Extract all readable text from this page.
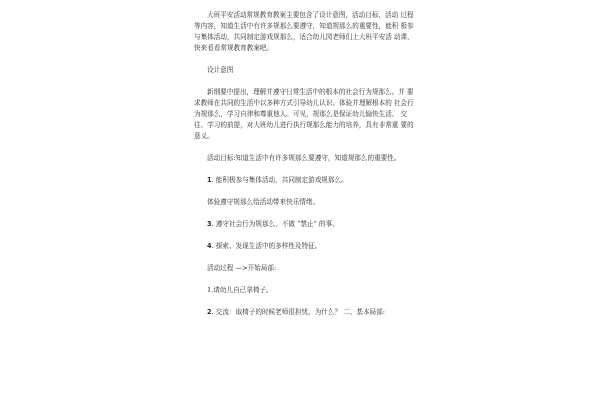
大班平安活动常规教育教案主要包含了设计意图，活动目标，活动 过程等内容，知道生活中有许多规那么要遵守，知道规那么的重要性，能积 极参与集体活动，共同制定游戏规那么，适合幼儿园老师们上大班平安活 动课，快来看看常规教育教案吧。

设计意图

新纲要中提出，理解并遵守日常生活中的根本的社会行为规那么。并 要求教师在共同的生活中以多种方式引导幼儿认识、体验并理解根本的 社会行为规那么，学习自律和尊重他人。可见，规那么是保证幼儿愉快生活、 交往、学习的前提，对大班幼儿进行执行规那么能力的培养，具有非常重 要的意义。

活动目标:知道生活中有许多规那么要遵守，知道规那么的重要性。

1. 能积极参与集体活动，共同制定游戏规那么。

体验遵守规那么给活动带来快乐情绪。

3. 遵守社会行为规那么，不做 “禁止” 的事。

4. 探索、发现生活中的多样性及特征。

活动过程 —>开始局部:

1.请幼儿自己拿椅子。

2. 交流：取椅子的时候老师很担忧，为什么？ 二、基本局部:
